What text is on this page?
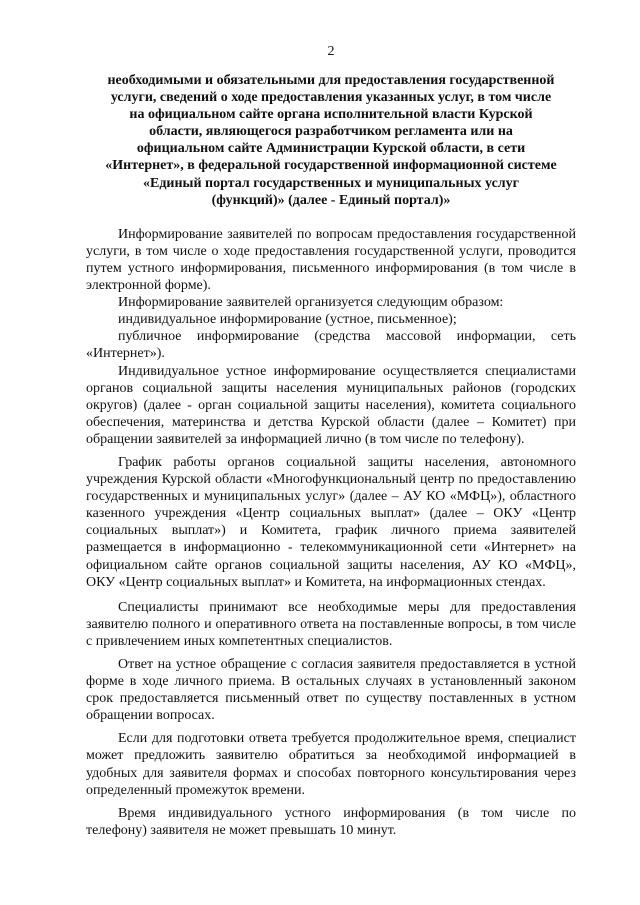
2
необходимыми и обязательными для предоставления государственной
услуги, сведений о ходе предоставления указанных услуг, в том числе
на официальном сайте органа исполнительной власти Курской
области, являющегося разработчиком регламента или на
официальном сайте Администрации Курской области, в сети
«Интернет», в федеральной государственной информационной системе
«Единый портал государственных и муниципальных услуг
(функций)» (далее - Единый портал)»

Информирование заявителей по вопросам предоставления государственной услуги, в том числе о ходе предоставления государственной услуги, проводится путем устного информирования, письменного информирования (в том числе в электронной форме).

Информирование заявителей организуется следующим образом:

индивидуальное информирование (устное, письменное);

публичное информирование (средства массовой информации, сеть «Интернет»).

Индивидуальное устное информирование осуществляется специалистами органов социальной защиты населения муниципальных районов (городских округов) (далее - орган социальной защиты населения), комитета социального обеспечения, материнства и детства Курской области (далее – Комитет) при обращении заявителей за информацией лично (в том числе по телефону).

График работы органов социальной защиты населения, автономного учреждения Курской области «Многофункциональный центр по предоставлению государственных и муниципальных услуг» (далее – АУ КО «МФЦ»), областного казенного учреждения «Центр социальных выплат» (далее – ОКУ «Центр социальных выплат») и Комитета, график личного приема заявителей размещается в информационно - телекоммуникационной сети «Интернет» на официальном сайте органов социальной защиты населения, АУ КО «МФЦ», ОКУ «Центр социальных выплат» и Комитета, на информационных стендах.

Специалисты принимают все необходимые меры для предоставления заявителю полного и оперативного ответа на поставленные вопросы, в том числе с привлечением иных компетентных специалистов.

Ответ на устное обращение с согласия заявителя предоставляется в устной форме в ходе личного приема. В остальных случаях в установленный законом срок предоставляется письменный ответ по существу поставленных в устном обращении вопросах.

Если для подготовки ответа требуется продолжительное время, специалист может предложить заявителю обратиться за необходимой информацией в удобных для заявителя формах и способах повторного консультирования через определенный промежуток времени.

Время индивидуального устного информирования (в том числе по телефону) заявителя не может превышать 10 минут.
